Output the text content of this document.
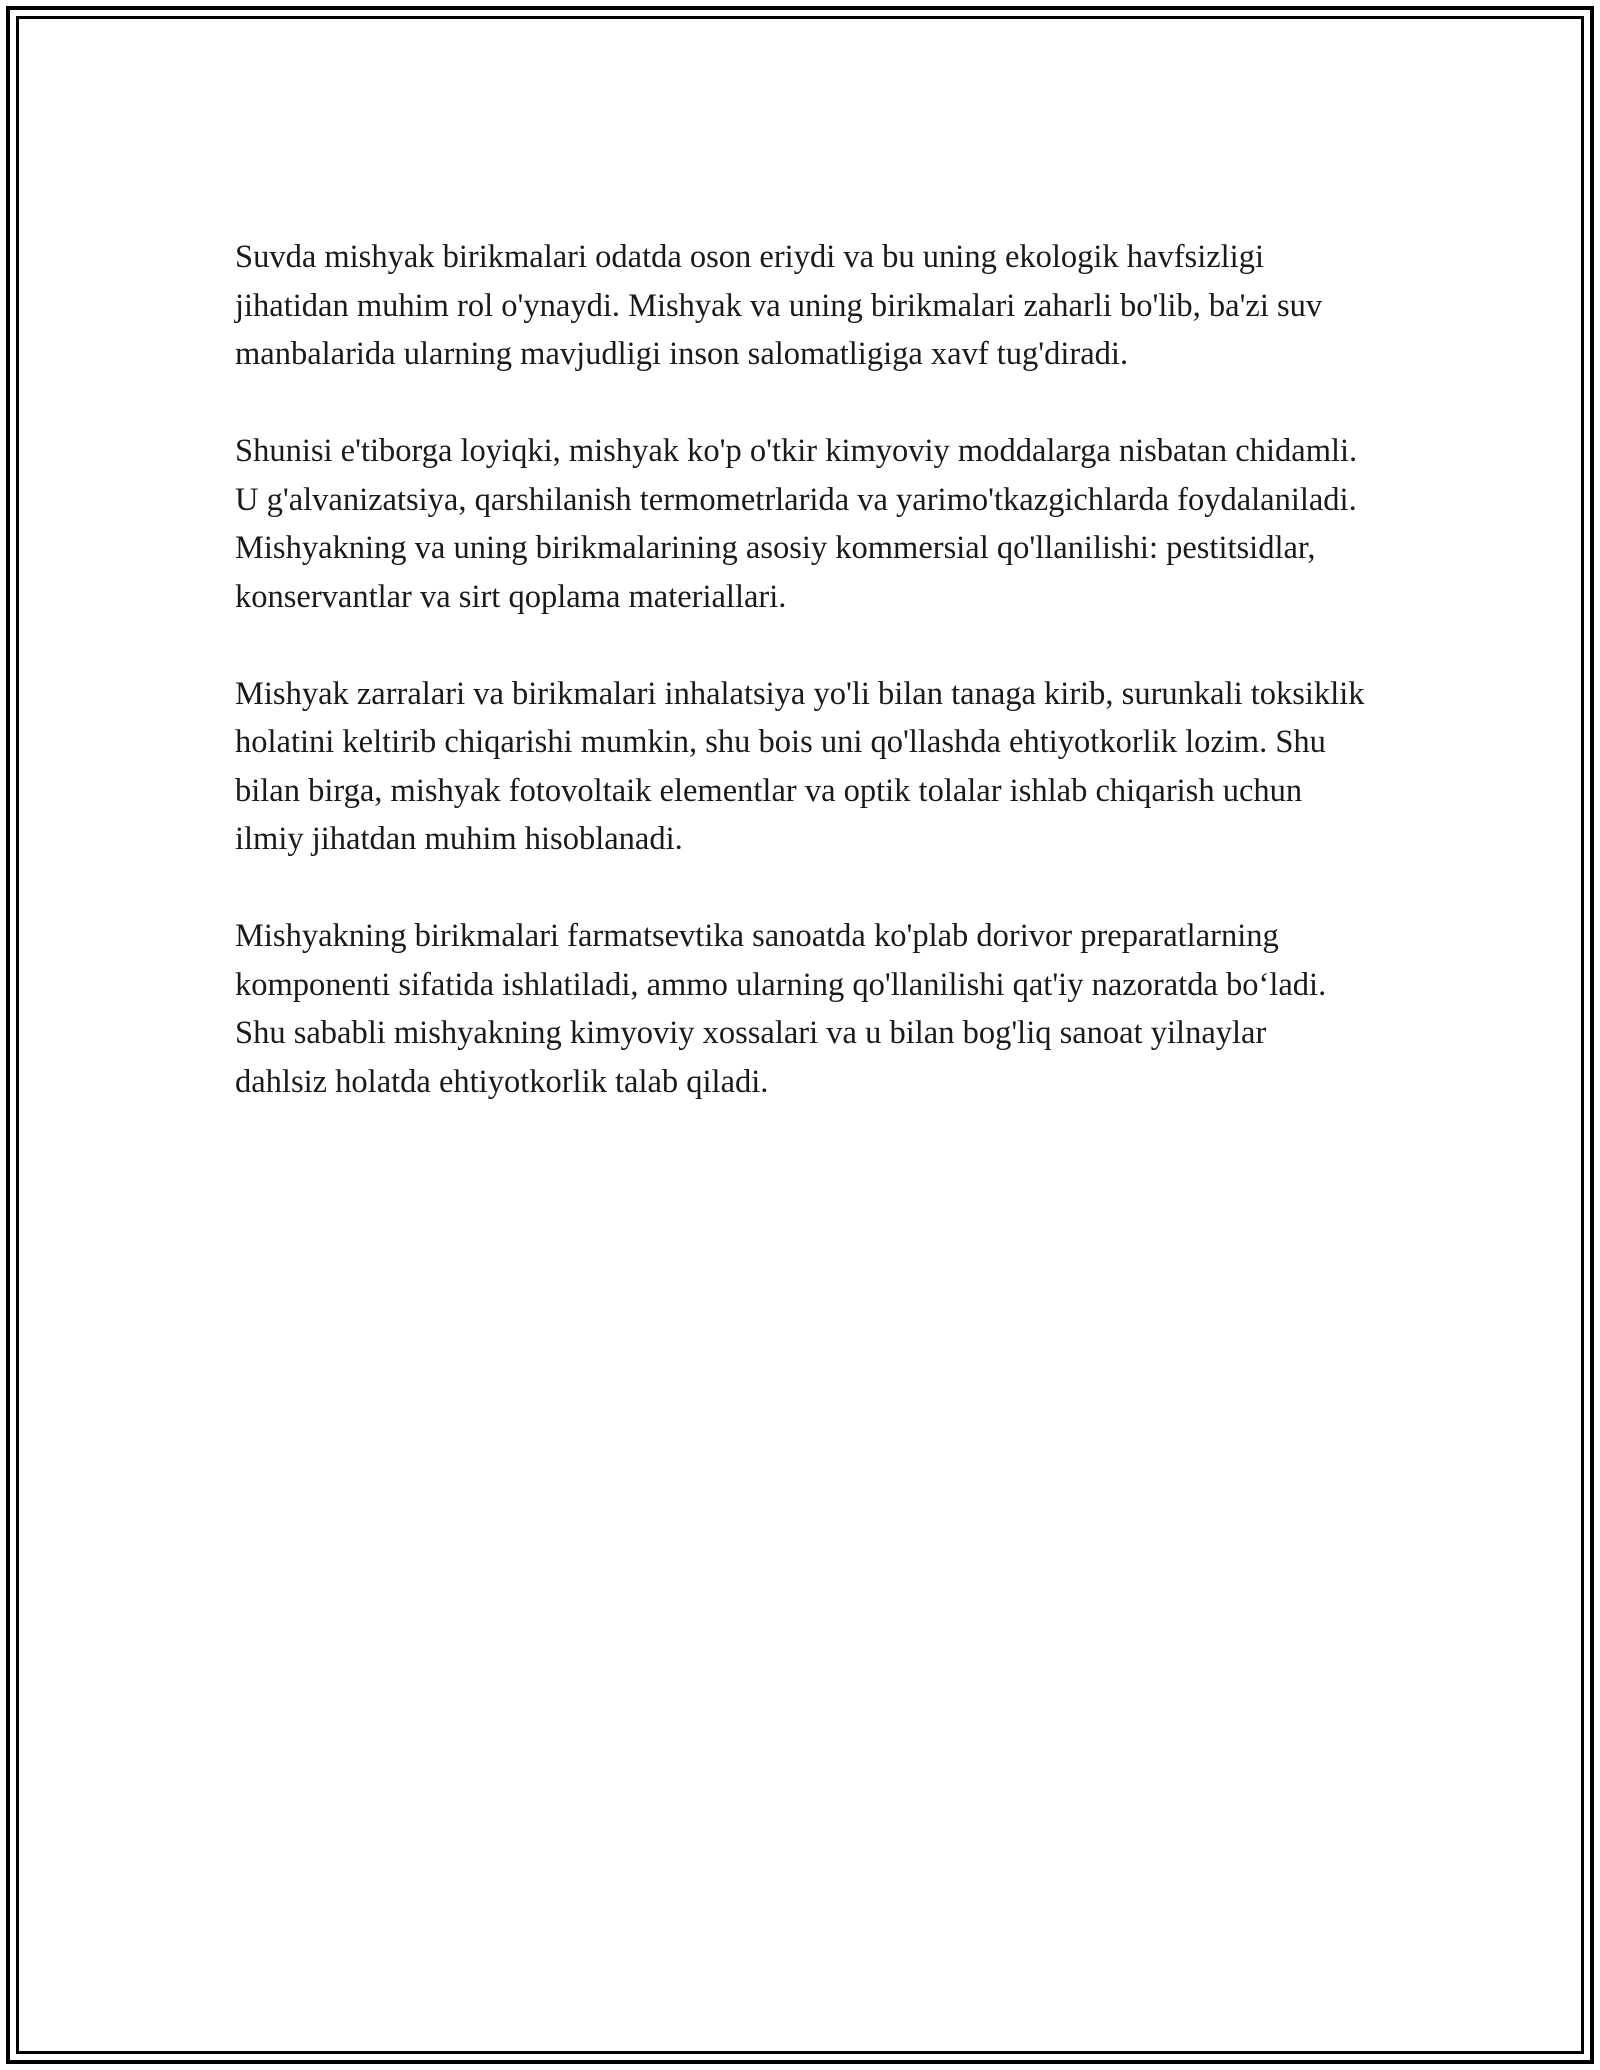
Suvda mishyak birikmalari odatda oson eriydi va bu uning ekologik havfsizligi jihatidan muhim rol o'ynaydi. Mishyak va uning birikmalari zaharli bo'lib, ba'zi suv manbalarida ularning mavjudligi inson salomatligiga xavf tug'diradi.

Shunisi e'tiborga loyiqki, mishyak ko'p o'tkir kimyoviy moddalarga nisbatan chidamli. U g'alvanizatsiya, qarshilanish termometrlarida va yarimo'tkazgichlarda foydalaniladi. Mishyakning va uning birikmalarining asosiy kommersial qo'llanilishi: pestitsidlar, konservantlar va sirt qoplama materiallari.

Mishyak zarralari va birikmalari inhalatsiya yo'li bilan tanaga kirib, surunkali toksiklik holatini keltirib chiqarishi mumkin, shu bois uni qo'llashda ehtiyotkorlik lozim. Shu bilan birga, mishyak fotovoltaik elementlar va optik tolalar ishlab chiqarish uchun ilmiy jihatdan muhim hisoblanadi.

Mishyakning birikmalari farmatsevtika sanoatda ko'plab dorivor preparatlarning komponenti sifatida ishlatiladi, ammo ularning qo'llanilishi qat'iy nazoratda bo‘ladi. Shu sababli mishyakning kimyoviy xossalari va u bilan bog'liq sanoat yilnaylar dahlsiz holatda ehtiyotkorlik talab qiladi.
